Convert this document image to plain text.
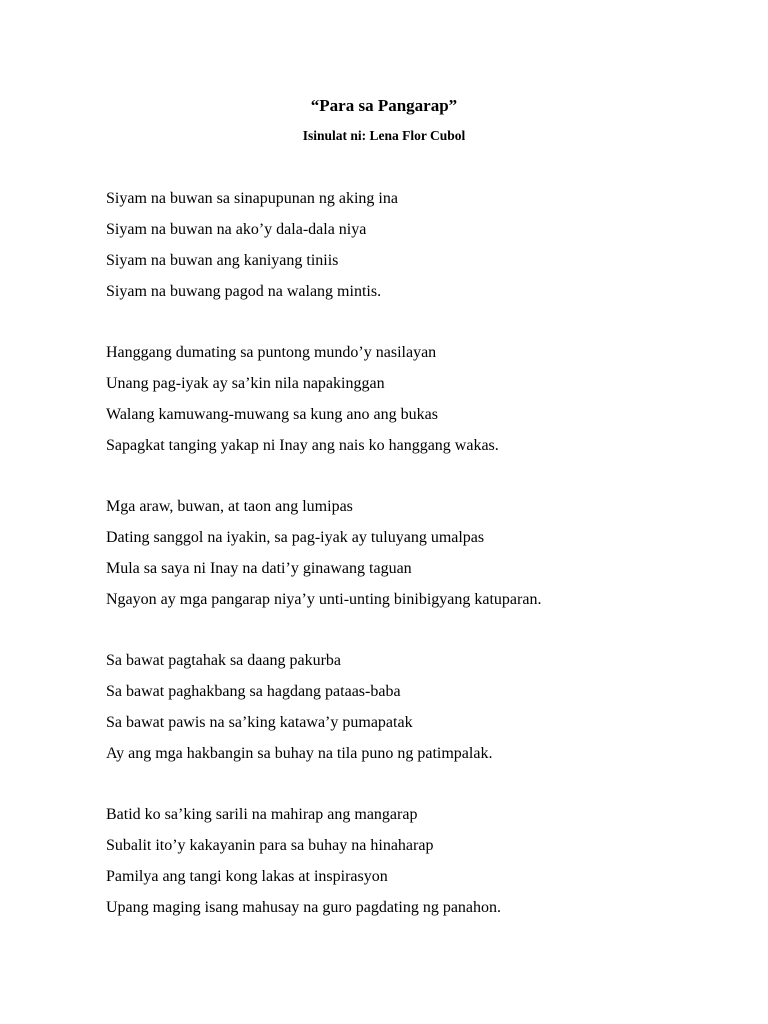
“Para sa Pangarap”
Isinulat ni: Lena Flor Cubol
Siyam na buwan sa sinapupunan ng aking ina
Siyam na buwan na ako’y dala-dala niya
Siyam na buwan ang kaniyang tiniis
Siyam na buwang pagod na walang mintis.
Hanggang dumating sa puntong mundo’y nasilayan
Unang pag-iyak ay sa’kin nila napakinggan
Walang kamuwang-muwang sa kung ano ang bukas
Sapagkat tanging yakap ni Inay ang nais ko hanggang wakas.
Mga araw, buwan, at taon ang lumipas
Dating sanggol na iyakin, sa pag-iyak ay tuluyang umalpas
Mula sa saya ni Inay na dati’y ginawang taguan
Ngayon ay mga pangarap niya’y unti-unting binibigyang katuparan.
Sa bawat pagtahak sa daang pakurba
Sa bawat paghakbang sa hagdang pataas-baba
Sa bawat pawis na sa’king katawa’y pumapatak
Ay ang mga hakbangin sa buhay na tila puno ng patimpalak.
Batid ko sa’king sarili na mahirap ang mangarap
Subalit ito’y kakayanin para sa buhay na hinaharap
Pamilya ang tangi kong lakas at inspirasyon
Upang maging isang mahusay na guro pagdating ng panahon.
